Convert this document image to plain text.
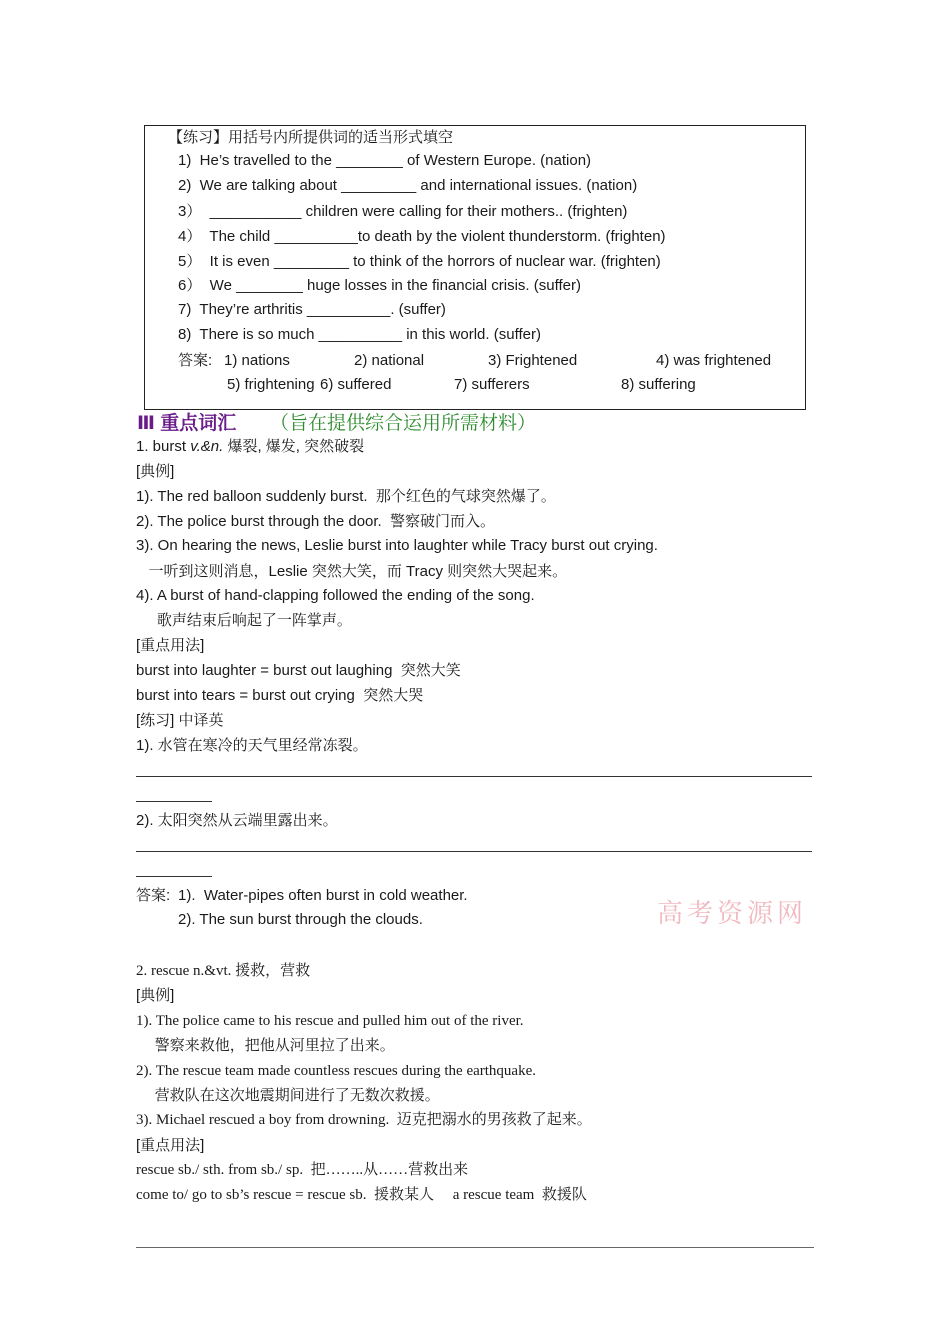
【练习】用括号内所提供词的适当形式填空
1)  He’s travelled to the ________ of Western Europe. (nation)
2)  We are talking about _________ and international issues. (nation)
3）  ___________ children were calling for their mothers.. (frighten)
4）  The child __________to death by the violent thunderstorm. (frighten)
5）  It is even _________ to think of the horrors of nuclear war. (frighten)
6）  We ________ huge losses in the financial crisis. (suffer)
7)  They’re arthritis __________. (suffer)
8)  There is so much __________ in this world. (suffer)
答案: 1) nations	2) national	3) Frightened	4) was frightened
5) frightening 6) suffered	7) sufferers	8) suffering
Ⅲ 重点词汇 （旨在提供综合运用所需材料）
1. burst v.&n. 爆裂, 爆发, 突然破裂
[典例]
1). The red balloon suddenly burst.  那个红色的气球突然爆了。
2). The police burst through the door.  警察破门而入。
3). On hearing the news, Leslie burst into laughter while Tracy burst out crying.
一听到这则消息，Leslie 突然大笑，而 Tracy 则突然大哭起来。
4). A burst of hand-clapping followed the ending of the song.
歌声结束后响起了一阵掌声。
[重点用法]
burst into laughter = burst out laughing  突然大笑
burst into tears = burst out crying  突然大哭
[练习] 中译英
1). 水管在寒冷的天气里经常冻裂。
2). 太阳突然从云端里露出来。
答案: 1).  Water-pipes often burst in cold weather.
2). The sun burst through the clouds.	高考资源网
2. rescue n.&vt. 援救，营救
[典例]
1). The police came to his rescue and pulled him out of the river.
警察来救他，把他从河里拉了出来。
2). The rescue team made countless rescues during the earthquake.
营救队在这次地震期间进行了无数次救援。
3). Michael rescued a boy from drowning.  迈克把溺水的男孩救了起来。
[重点用法]
rescue sb./ sth. from sb./ sp.  把……..从……营救出来
come to/ go to sb’s rescue = rescue sb.  援救某人     a rescue team  救援队
